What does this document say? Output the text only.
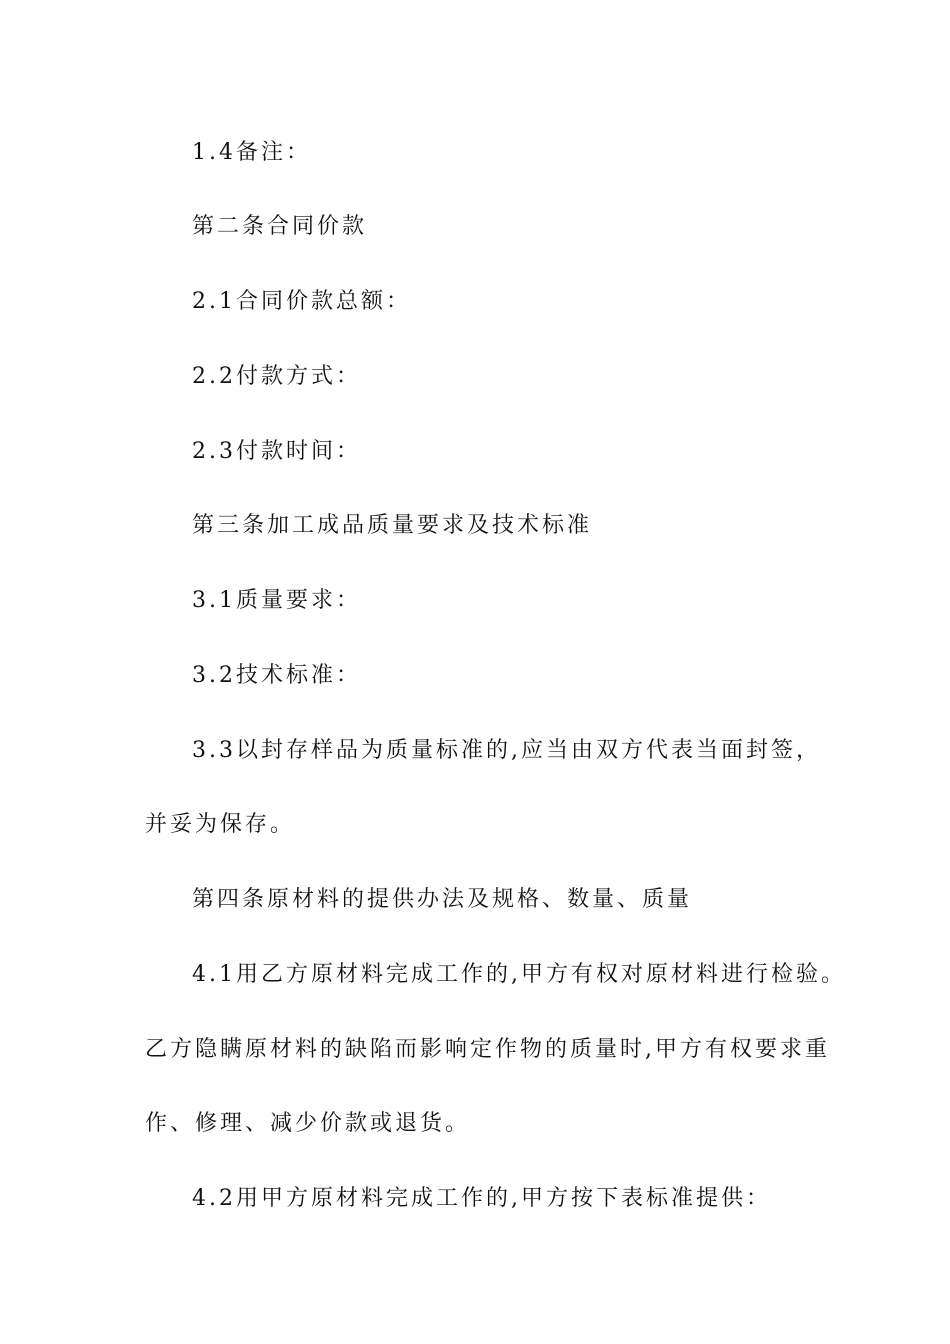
1.4备注：

第二条合同价款

2.1合同价款总额：

2.2付款方式：

2.3付款时间：

第三条加工成品质量要求及技术标准

3.1质量要求：

3.2技术标准：

3.3以封存样品为质量标准的,应当由双方代表当面封签，

并妥为保存。

第四条原材料的提供办法及规格、数量、质量

4.1用乙方原材料完成工作的,甲方有权对原材料进行检验。

乙方隐瞒原材料的缺陷而影响定作物的质量时,甲方有权要求重

作、修理、减少价款或退货。

4.2用甲方原材料完成工作的,甲方按下表标准提供：
